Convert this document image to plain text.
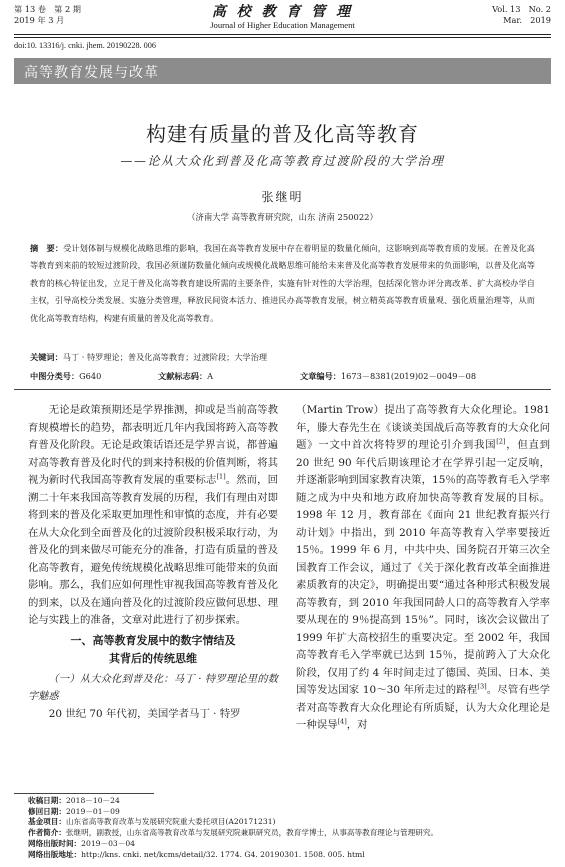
第 13 卷　第 2 期
2019 年 3 月	高 校 教 育 管 理
Journal of Higher Education Management
Vol. 13　No. 2
Mar.　2019
doi:10. 13316/j. cnki. jhem. 20190228. 006
高等教育发展与改革
构建有质量的普及化高等教育
——论从大众化到普及化高等教育过渡阶段的大学治理
张继明
（济南大学 高等教育研究院，山东 济南 250022）
摘　要：受计划体制与规模化战略思维的影响，我国在高等教育发展中存在着明显的数量化倾向，这影响到高等教育质的发展。在普及化高等教育到来前的较短过渡阶段，我国必须谨防数量化倾向或规模化战略思维可能给未来普及化高等教育发展带来的负面影响，以普及化高等教育的核心特征出发，立足于普及化高等教育建设所需的主要条件，实施有针对性的大学治理，包括深化管办评分离改革、扩大高校办学自主权，引导高校分类发展、实施分类管理，释放民间资本活力、推进民办高等教育发展，树立精英高等教育质量观、强化质量治理等，从而优化高等教育结构，构建有质量的普及化高等教育。
关键词：马丁 · 特罗理论；普及化高等教育；过渡阶段；大学治理
中图分类号：G640	文献标志码：A	文章编号：1673－8381(2019)02－0049－08

无论是政策预期还是学界推测，抑或是当前高等教育规模增长的趋势，都表明近几年内我国将跨入高等教育普及化阶段。无论是政策话语还是学界言说，都普遍对高等教育普及化时代的到来持积极的价值判断，将其视为新时代我国高等教育发展的重要标志[1]。然而，回溯二十年来我国高等教育发展的历程，我们有理由对即将到来的普及化采取更加理性和审慎的态度，并有必要在从大众化到全面普及化的过渡阶段积极采取行动，为普及化的到来做尽可能充分的准备，打造有质量的普及化高等教育，避免传统规模化战略思维可能带来的负面影响。那么，我们应如何理性审视我国高等教育普及化的到来，以及在通向普及化的过渡阶段应做何思想、理论与实践上的准备，文章对此进行了初步探索。

一、高等教育发展中的数字情结及
其背后的传统思维

（一）从大众化到普及化：马丁 · 特罗理论里的数字魅惑

20 世纪 70 年代初，美国学者马丁 · 特罗

（Martin Trow）提出了高等教育大众化理论。1981 年，滕大春先生在《谈谈美国战后高等教育的大众化问题》一文中首次将特罗的理论引介到我国[2]，但直到 20 世纪 90 年代后期该理论才在学界引起一定反响，并逐渐影响到国家教育决策，15％的高等教育毛入学率随之成为中央和地方政府加快高等教育发展的目标。1998 年 12 月，教育部在《面向 21 世纪教育振兴行动计划》中指出，到 2010 年高等教育入学率要接近 15％。1999 年 6 月，中共中央、国务院召开第三次全国教育工作会议，通过了《关于深化教育改革全面推进素质教育的决定》，明确提出要“通过各种形式积极发展高等教育，到 2010 年我国同龄人口的高等教育入学率要从现在的 9％提高到 15％”。同时，该次会议做出了 1999 年扩大高校招生的重要决定。至 2002 年，我国高等教育毛入学率就已达到 15％，提前跨入了大众化阶段，仅用了约 4 年时间走过了德国、英国、日本、美国等发达国家 10～30 年所走过的路程[3]。尽管有些学者对高等教育大众化理论有所质疑，认为大众化理论是一种误导[4]，对

收稿日期：2018－10－24
修回日期：2019－01－09
基金项目：山东省高等教育改革与发展研究院重大委托项目(A20171231)
作者简介：张继明，副教授，山东省高等教育改革与发展研究院兼职研究员，教育学博士，从事高等教育理论与管理研究。
网络出版时间：2019－03－04
网络出版地址：http://kns. cnki. net/kcms/detail/32. 1774. G4. 20190301. 1508. 005. html
